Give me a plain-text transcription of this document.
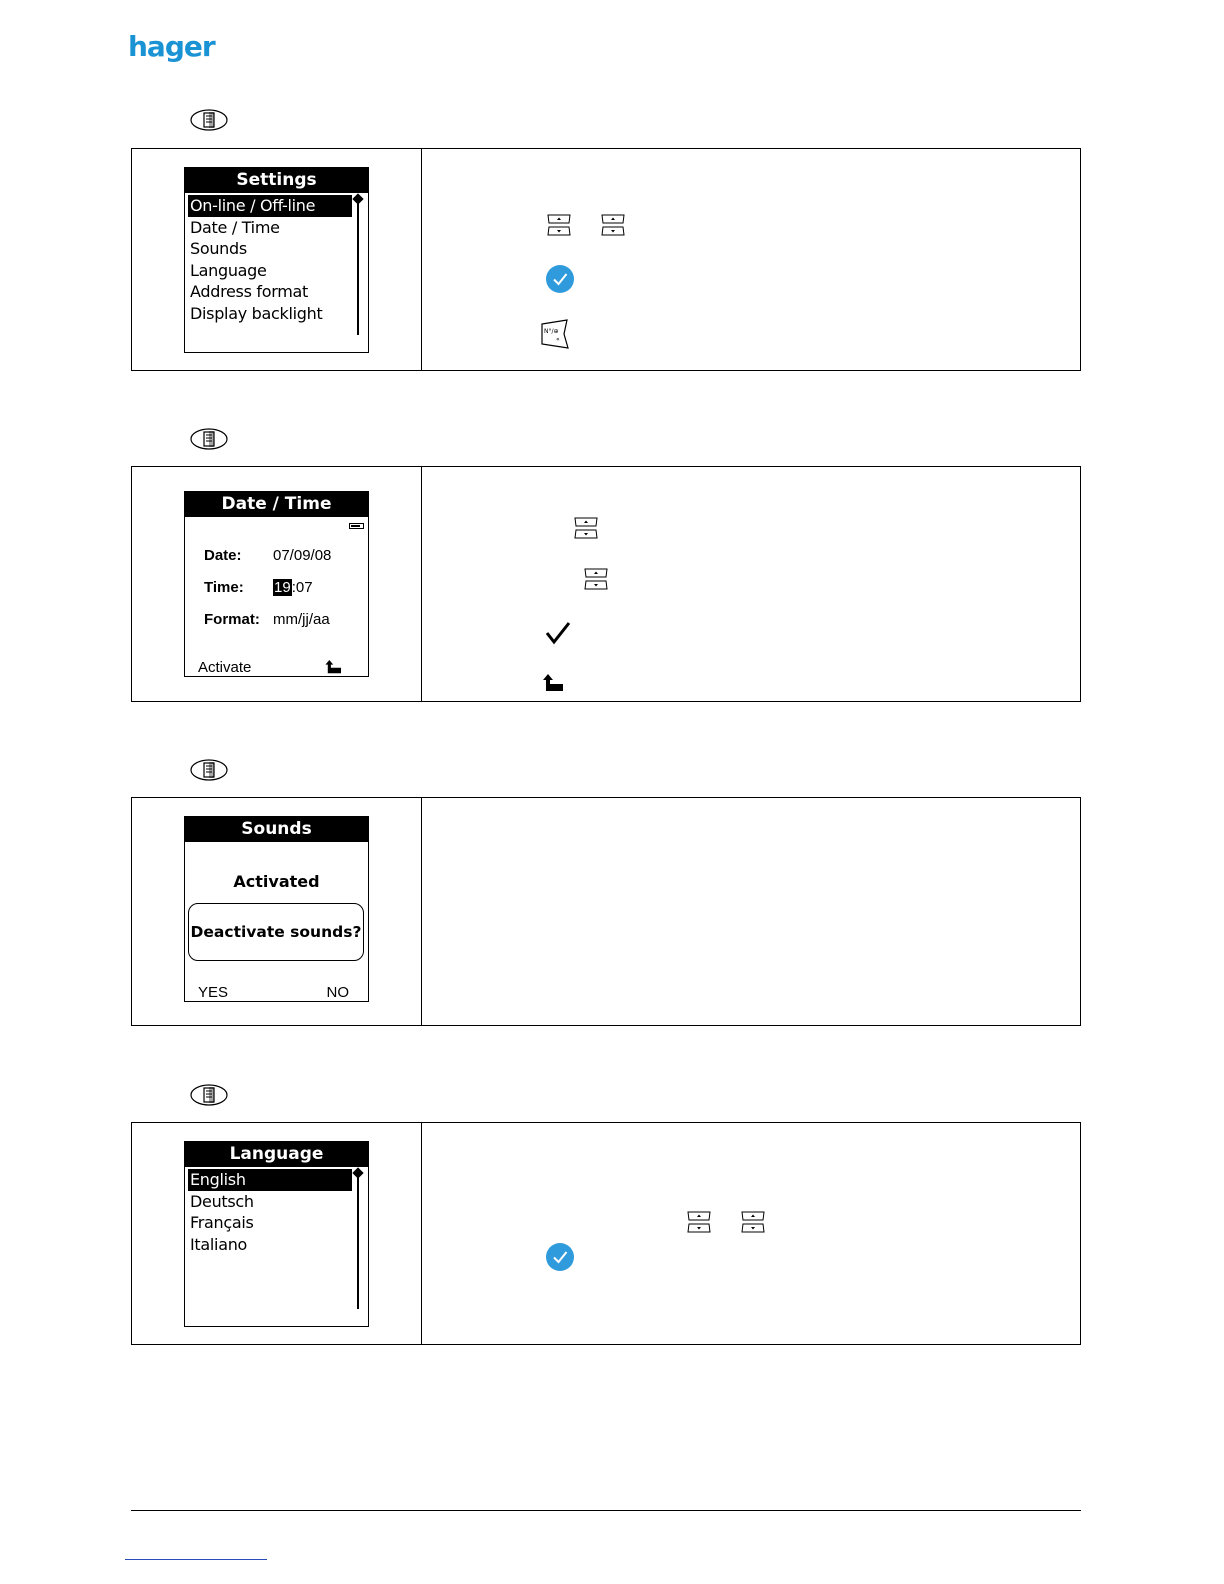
hager
Settings
On-line / Off-line
Date / Time
Sounds
Language
Address format
Display backlight
Date / Time
Date: 07/09/08
Time: 19:07
Format: mm/jj/aa
Activate
Sounds
Activated
Deactivate sounds?
YES	NO
Language
English
Deutsch
Français
Italiano
